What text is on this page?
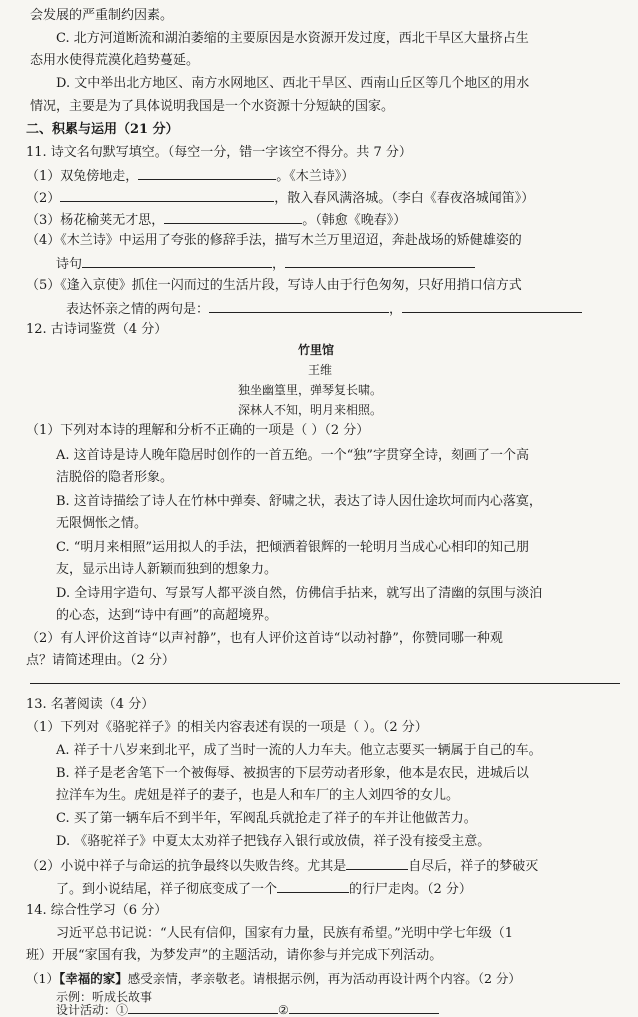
会发展的严重制约因素。
C. 北方河道断流和湖泊萎缩的主要原因是水资源开发过度，西北干旱区大量挤占生
态用水使得荒漠化趋势蔓延。
D. 文中举出北方地区、南方水网地区、西北干旱区、西南山丘区等几个地区的用水
情况，主要是为了具体说明我国是一个水资源十分短缺的国家。
二、积累与运用（21 分）
11. 诗文名句默写填空。（每空一分，错一字该空不得分。共 7 分）
（1）双兔傍地走，	。《木兰诗》）
（2）	，散入春风满洛城。（李白《春夜洛城闻笛》）
（3）杨花榆荚无才思，	。（韩愈《晚春》）
（4）《木兰诗》中运用了夸张的修辞手法，描写木兰万里迢迢，奔赴战场的矫健雄姿的
诗句	，
（5）《逢入京使》抓住一闪而过的生活片段，写诗人由于行色匆匆，只好用捎口信方式
表达怀亲之情的两句是：	，
12. 古诗词鉴赏（4 分）
竹里馆
王维
独坐幽篁里，弹琴复长啸。
深林人不知，明月来相照。
（1）下列对本诗的理解和分析不正确的一项是（ ）（2 分）
A. 这首诗是诗人晚年隐居时创作的一首五绝。一个“独”字贯穿全诗，刻画了一个高
洁脱俗的隐者形象。
B. 这首诗描绘了诗人在竹林中弹奏、舒啸之状，表达了诗人因仕途坎坷而内心落寞，
无限惆怅之情。
C. “明月来相照”运用拟人的手法，把倾洒着银辉的一轮明月当成心心相印的知己朋
友，显示出诗人新颖而独到的想象力。
D. 全诗用字造句、写景写人都平淡自然，仿佛信手拈来，就写出了清幽的氛围与淡泊
的心态，达到“诗中有画”的高超境界。
（2）有人评价这首诗“以声衬静”，也有人评价这首诗“以动衬静”，你赞同哪一种观
点？请简述理由。（2 分）
13. 名著阅读（4 分）
（1）下列对《骆驼祥子》的相关内容表述有误的一项是（ ）。（2 分）
A. 祥子十八岁来到北平，成了当时一流的人力车夫。他立志要买一辆属于自己的车。
B. 祥子是老舍笔下一个被侮辱、被损害的下层劳动者形象，他本是农民，进城后以
拉洋车为生。虎妞是祥子的妻子，也是人和车厂的主人刘四爷的女儿。
C. 买了第一辆车后不到半年，军阀乱兵就抢走了祥子的车并让他做苦力。
D. 《骆驼祥子》中夏太太劝祥子把钱存入银行或放债，祥子没有接受主意。
（2）小说中祥子与命运的抗争最终以失败告终。尤其是	自尽后，祥子的梦破灭
了。到小说结尾，祥子彻底变成了一个	的行尸走肉。（2 分）
14. 综合性学习（6 分）
习近平总书记说：“人民有信仰，国家有力量，民族有希望。”光明中学七年级（1
班）开展“家国有我，为梦发声”的主题活动，请你参与并完成下列活动。
（1）【幸福的家】感受亲情，孝亲敬老。请根据示例，再为活动再设计两个内容。（2 分）
示例：听成长故事
设计活动：①	②
